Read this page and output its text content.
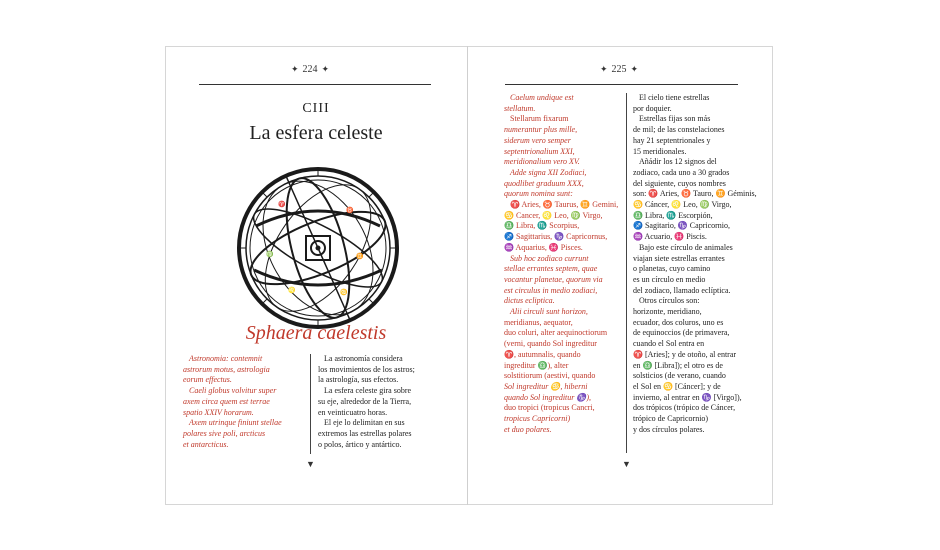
✦ 224 ✦
CIII
La esfera celeste
♈
♉
♊
♋
♌
♍
Sphaera caelestis

Astronomia: contemnit

astrorum motus, astrologia

eorum effectus.

Caeli globus volvitur super

axem circa quem est terrae

spatio XXIV horarum.

Axem utrinque finiunt stellae

polares sive poli, arcticus

et antarcticus.

La astronomía considera

los movimientos de los astros;

la astrología, sus efectos.

La esfera celeste gira sobre

su eje, alrededor de la Tierra,

en veinticuatro horas.

El eje lo delimitan en sus

extremos las estrellas polares

o polos, ártico y antártico.

▼
✦ 225 ✦

Caelum undique est

stellatum.

Stellarum fixarum

numerantur plus mille,

siderum vero semper

septentrionalium XXI,

meridionalium vero XV.

Adde signa XII Zodiaci,

quodlibet graduum XXX,

quorum nomina sunt:

♈ Aries, ♉ Taurus, ♊ Gemini,

♋ Cancer, ♌ Leo, ♍ Virgo,

♎ Libra, ♏ Scorpius,

♐ Sagittarius, ♑ Capricornus,

♒ Aquarius, ♓ Pisces.

Sub hoc zodiaco currunt

stellae errantes septem, quae

vocantur planetae, quorum via

est circulus in medio zodiaci,

dictus ecliptica.

Alii circuli sunt horizon,

meridianus, aequator,

duo coluri, alter aequinoctiorum

(verni, quando Sol ingreditur

♈, autumnalis, quando

ingreditur ♎), alter

solstitiorum (aestivi, quando

Sol ingreditur ♋, hiberni

quando Sol ingreditur ♑),

duo tropici (tropicus Cancri,

tropicus Capricorni)

et duo polares.

El cielo tiene estrellas

por doquier.

Estrellas fijas son más

de mil; de las constelaciones

hay 21 septentrionales y

15 meridionales.

Añádir los 12 signos del

zodiaco, cada uno a 30 grados

del siguiente, cuyos nombres

son: ♈ Aries, ♉ Tauro, ♊ Géminis,

♋ Cáncer, ♌ Leo, ♍ Virgo,

♎ Libra, ♏ Escorpión,

♐ Sagitario, ♑ Capricornio,

♒ Acuario, ♓ Piscis.

Bajo este círculo de animales

viajan siete estrellas errantes

o planetas, cuyo camino

es un círculo en medio

del zodiaco, llamado eclíptica.

Otros círculos son:

horizonte, meridiano,

ecuador, dos coluros, uno es

de equinoccios (de primavera,

cuando el Sol entra en

♈ [Aries]; y de otoño, al entrar

en ♎ [Libra]); el otro es de

solsticios (de verano, cuando

el Sol en ♋ [Cáncer]; y de

invierno, al entrar en ♑ [Virgo]),

dos trópicos (trópico de Cáncer,

trópico de Capricornio)

y dos círculos polares.

▼
